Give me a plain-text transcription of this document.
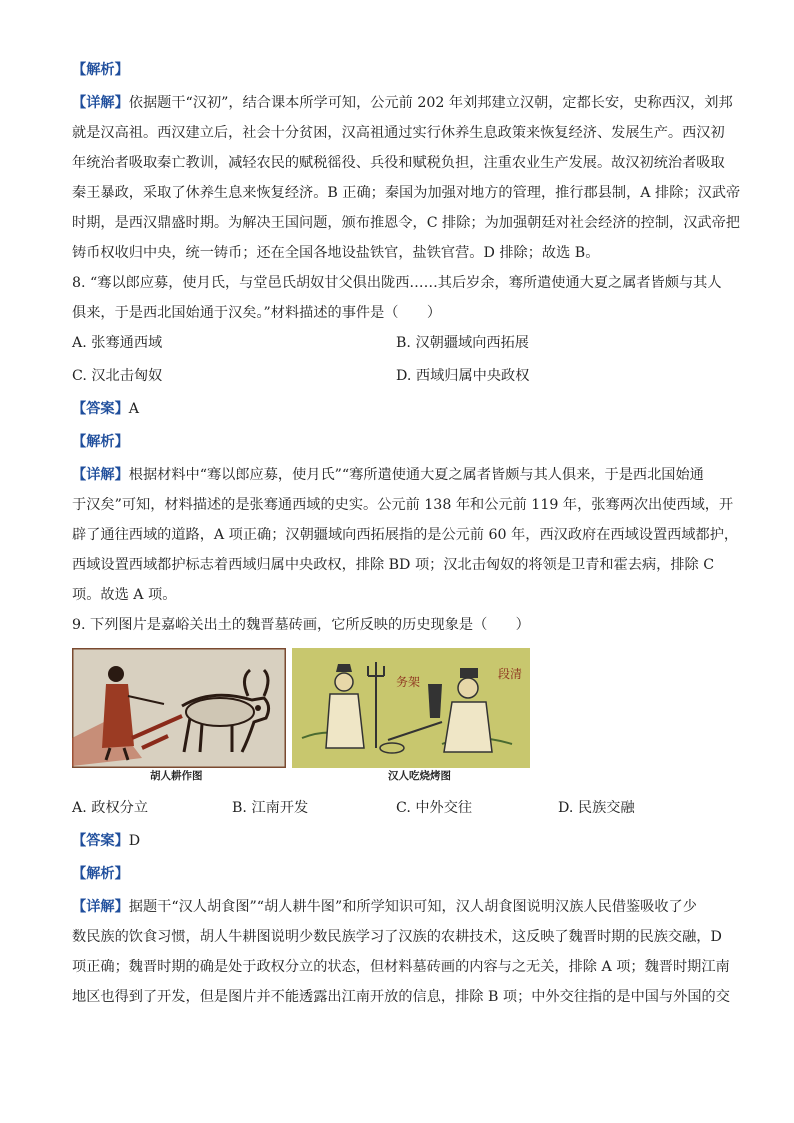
【解析】

【详解】依据题干“汉初”，结合课本所学可知，公元前 202 年刘邦建立汉朝，定都长安，史称西汉，刘邦

就是汉高祖。西汉建立后，社会十分贫困，汉高祖通过实行休养生息政策来恢复经济、发展生产。西汉初

年统治者吸取秦亡教训，减轻农民的赋税徭役、兵役和赋税负担，注重农业生产发展。故汉初统治者吸取

秦王暴政，采取了休养生息来恢复经济。B 正确；秦国为加强对地方的管理，推行郡县制，A 排除；汉武帝

时期，是西汉鼎盛时期。为解决王国问题，颁布推恩令，C 排除；为加强朝廷对社会经济的控制，汉武帝把

铸币权收归中央，统一铸币；还在全国各地设盐铁官，盐铁官营。D 排除；故选 B。

8. “骞以郎应募，使月氏，与堂邑氏胡奴甘父俱出陇西……其后岁余，骞所遣使通大夏之属者皆颇与其人

俱来，于是西北国始通于汉矣。”材料描述的事件是（　　）

A. 张骞通西域	B. 汉朝疆域向西拓展
C. 汉北击匈奴	D. 西域归属中央政权

【答案】A

【解析】

【详解】根据材料中“骞以郎应募，使月氏”“骞所遣使通大夏之属者皆颇与其人俱来，于是西北国始通

于汉矣”可知，材料描述的是张骞通西域的史实。公元前 138 年和公元前 119 年，张骞两次出使西域，开

辟了通往西域的道路，A 项正确；汉朝疆域向西拓展指的是公元前 60 年，西汉政府在西域设置西域都护，

西域设置西域都护标志着西域归属中央政权，排除 BD 项；汉北击匈奴的将领是卫青和霍去病，排除 C

项。故选 A 项。

9. 下列图片是嘉峪关出土的魏晋墓砖画，它所反映的历史现象是（　　）

务架
段清
胡人耕作图	汉人吃烧烤图
A. 政权分立	B. 江南开发	C. 中外交往	D. 民族交融

【答案】D

【解析】

【详解】据题干“汉人胡食图”“胡人耕牛图”和所学知识可知，汉人胡食图说明汉族人民借鉴吸收了少

数民族的饮食习惯，胡人牛耕图说明少数民族学习了汉族的农耕技术，这反映了魏晋时期的民族交融，D

项正确；魏晋时期的确是处于政权分立的状态，但材料墓砖画的内容与之无关，排除 A 项；魏晋时期江南

地区也得到了开发，但是图片并不能透露出江南开放的信息，排除 B 项；中外交往指的是中国与外国的交
